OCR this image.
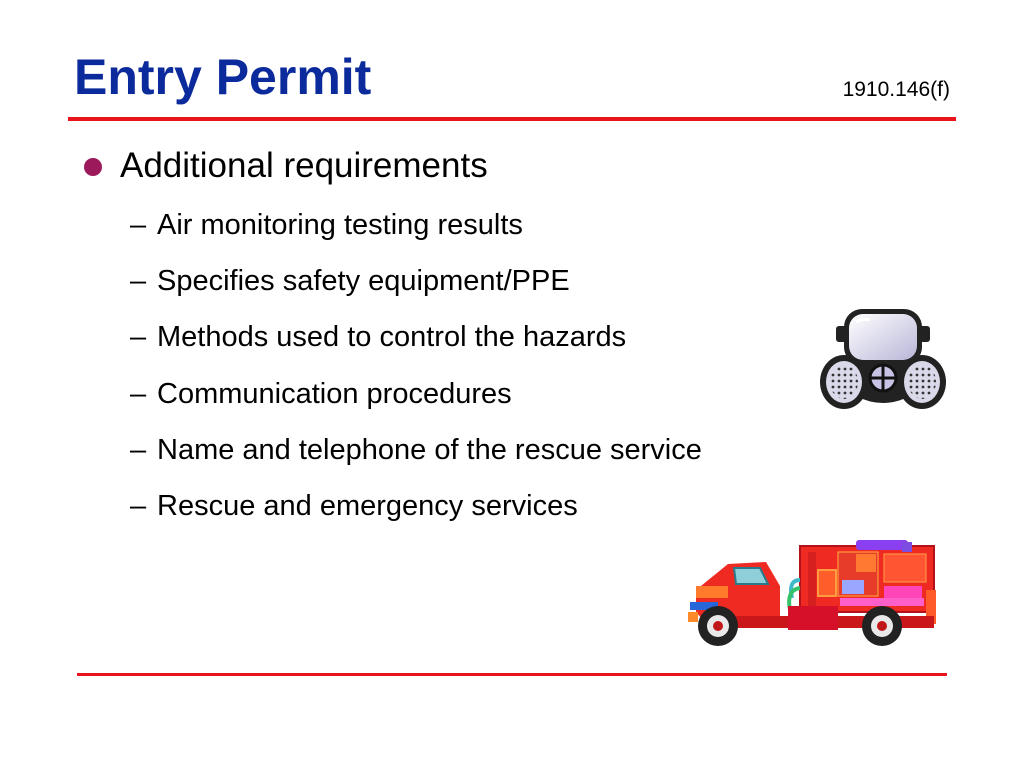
Entry Permit	1910.146(f)
Additional requirements
– Air monitoring testing results
– Specifies safety equipment/PPE
– Methods used to control the hazards
– Communication procedures
– Name and telephone of the rescue service
– Rescue and emergency services
